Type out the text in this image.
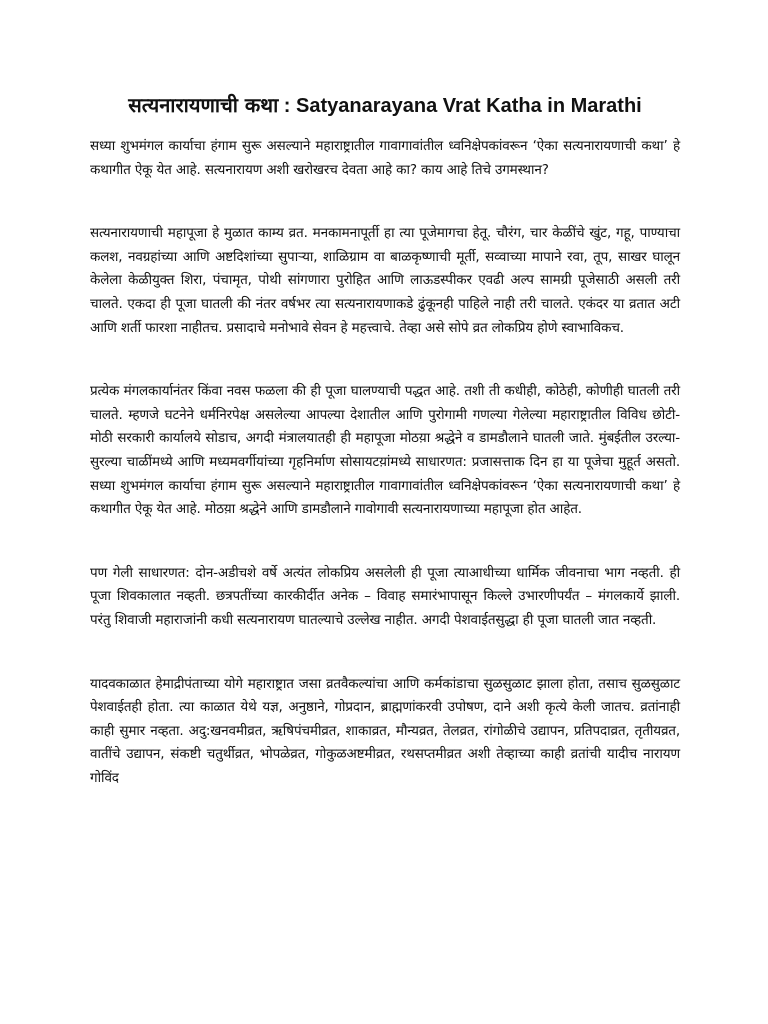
सत्यनारायणाची कथा : Satyanarayana Vrat Katha in Marathi

सध्या शुभमंगल कार्याचा हंगाम सुरू असल्याने महाराष्ट्रातील गावागावांतील ध्वनिक्षेपकांवरून ‘ऐका सत्यनारायणाची कथा’ हे कथागीत ऐकू येत आहे. सत्यनारायण अशी खरोखरच देवता आहे का? काय आहे तिचे उगमस्थान?

सत्यनारायणाची महापूजा हे मुळात काम्य व्रत. मनकामनापूर्ती हा त्या पूजेमागचा हेतू. चौरंग, चार केळींचे खुंट, गहू, पाण्याचा कलश, नवग्रहांच्या आणि अष्टदिशांच्या सुपाऱ्या, शाळिग्राम वा बाळकृष्णाची मूर्ती, सव्वाच्या मापाने रवा, तूप, साखर घालून केलेला केळीयुक्त शिरा, पंचामृत, पोथी सांगणारा पुरोहित आणि लाऊडस्पीकर एवढी अल्प सामग्री पूजेसाठी असली तरी चालते. एकदा ही पूजा घातली की नंतर वर्षभर त्या सत्यनारायणाकडे ढुंकूनही पाहिले नाही तरी चालते. एकंदर या व्रतात अटी आणि शर्ती फारशा नाहीतच. प्रसादाचे मनोभावे सेवन हे महत्त्वाचे. तेव्हा असे सोपे व्रत लोकप्रिय होणे स्वाभाविकच.

प्रत्येक मंगलकार्यानंतर किंवा नवस फळला की ही पूजा घालण्याची पद्धत आहे. तशी ती कधीही, कोठेही, कोणीही घातली तरी चालते. म्हणजे घटनेने धर्मनिरपेक्ष असलेल्या आपल्या देशातील आणि पुरोगामी गणल्या गेलेल्या महाराष्ट्रातील विविध छोटी-मोठी सरकारी कार्यालये सोडाच, अगदी मंत्रालयातही ही महापूजा मोठय़ा श्रद्धेने व डामडौलाने घातली जाते. मुंबईतील उरल्या-सुरल्या चाळींमध्ये आणि मध्यमवर्गीयांच्या गृहनिर्माण सोसायटय़ांमध्ये साधारणत: प्रजासत्ताक दिन हा या पूजेचा मुहूर्त असतो. सध्या शुभमंगल कार्याचा हंगाम सुरू असल्याने महाराष्ट्रातील गावागावांतील ध्वनिक्षेपकांवरून ‘ऐका सत्यनारायणाची कथा’ हे कथागीत ऐकू येत आहे. मोठय़ा श्रद्धेने आणि डामडौलाने गावोगावी सत्यनारायणाच्या महापूजा होत आहेत.

पण गेली साधारणत: दोन-अडीचशे वर्षे अत्यंत लोकप्रिय असलेली ही पूजा त्याआधीच्या धार्मिक जीवनाचा भाग नव्हती. ही पूजा शिवकालात नव्हती. छत्रपतींच्या कारकीर्दीत अनेक – विवाह समारंभापासून किल्ले उभारणीपर्यंत – मंगलकार्ये झाली. परंतु शिवाजी महाराजांनी कधी सत्यनारायण घातल्याचे उल्लेख नाहीत. अगदी पेशवाईतसुद्धा ही पूजा घातली जात नव्हती.

यादवकाळात हेमाद्रीपंताच्या योगे महाराष्ट्रात जसा व्रतवैकल्यांचा आणि कर्मकांडाचा सुळसुळाट झाला होता, तसाच सुळसुळाट पेशवाईतही होता. त्या काळात येथे यज्ञ, अनुष्ठाने, गोप्रदान, ब्राह्मणांकरवी उपोषण, दाने अशी कृत्ये केली जातच. व्रतांनाही काही सुमार नव्हता. अदु:खनवमीव्रत, ऋषिपंचमीव्रत, शाकाव्रत, मौन्यव्रत, तेलव्रत, रांगोळीचे उद्यापन, प्रतिपदाव्रत, तृतीयव्रत, वातींचे उद्यापन, संकष्टी चतुर्थीव्रत, भोपळेव्रत, गोकुळअष्टमीव्रत, रथसप्तमीव्रत अशी तेव्हाच्या काही व्रतांची यादीच नारायण गोविंद
